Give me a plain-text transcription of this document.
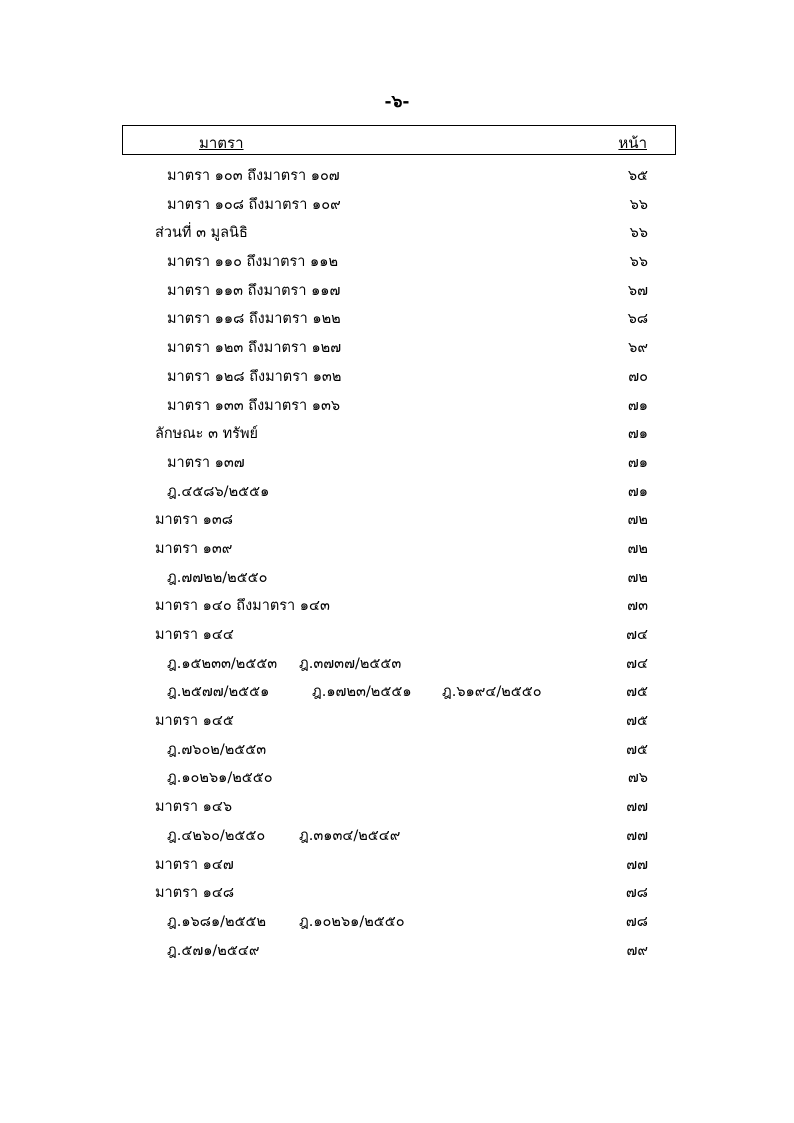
-๖-
มาตรา	หน้า
มาตรา ๑๐๓ ถึงมาตรา ๑๐๗	๖๕
มาตรา ๑๐๘ ถึงมาตรา ๑๐๙	๖๖
ส่วนที่ ๓ มูลนิธิ	๖๖
มาตรา ๑๑๐ ถึงมาตรา ๑๑๒	๖๖
มาตรา ๑๑๓ ถึงมาตรา ๑๑๗	๖๗
มาตรา ๑๑๘ ถึงมาตรา ๑๒๒	๖๘
มาตรา ๑๒๓ ถึงมาตรา ๑๒๗	๖๙
มาตรา ๑๒๘ ถึงมาตรา ๑๓๒	๗๐
มาตรา ๑๓๓ ถึงมาตรา ๑๓๖	๗๑
ลักษณะ ๓ ทรัพย์	๗๑
มาตรา ๑๓๗	๗๑
ฎ.๔๕๘๖/๒๕๕๑	๗๑
มาตรา ๑๓๘	๗๒
มาตรา ๑๓๙	๗๒
ฎ.๗๗๒๒/๒๕๕๐	๗๒
มาตรา ๑๔๐ ถึงมาตรา ๑๔๓	๗๓
มาตรา ๑๔๔	๗๔
ฎ.๑๕๒๓๓/๒๕๕๓ ฎ.๓๗๓๗/๒๕๕๓	๗๔
ฎ.๒๕๗๗/๒๕๕๑	ฎ.๑๗๒๓/๒๕๕๑ ฎ.๖๑๙๔/๒๕๕๐	๗๕
มาตรา ๑๔๕	๗๕
ฎ.๗๖๐๒/๒๕๕๓	๗๕
ฎ.๑๐๒๖๑/๒๕๕๐	๗๖
มาตรา ๑๔๖	๗๗
ฎ.๔๒๖๐/๒๕๕๐ ฎ.๓๑๓๔/๒๕๔๙	๗๗
มาตรา ๑๔๗	๗๗
มาตรา ๑๔๘	๗๘
ฎ.๑๖๘๑/๒๕๕๒ ฎ.๑๐๒๖๑/๒๕๕๐	๗๘
ฎ.๕๗๑/๒๕๔๙	๗๙
